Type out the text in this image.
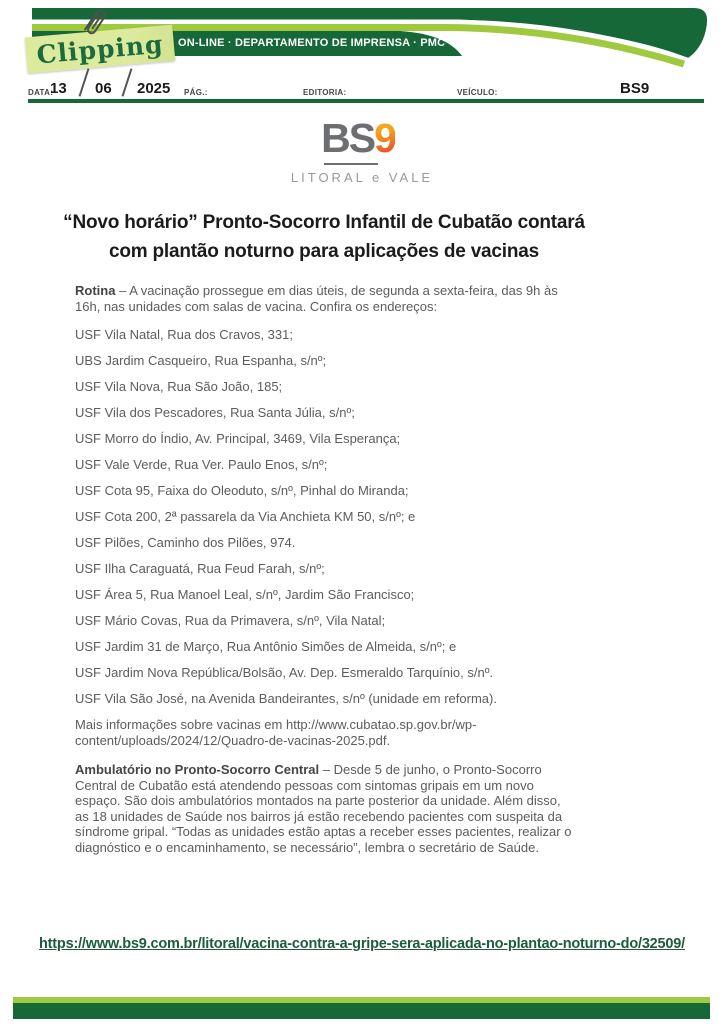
Clipping ON-LINE · DEPARTAMENTO DE IMPRENSA · PMC
DATA:
13 06 2025 PÁG.:	EDITORIA:	VEÍCULO:	BS9
BS9
LITORAL e VALE
“Novo horário” Pronto-Socorro Infantil de Cubatão contará
com plantão noturno para aplicações de vacinas

Rotina – A vacinação prossegue em dias úteis, de segunda a sexta-feira, das 9h às 16h, nas unidades com salas de vacina. Confira os endereços:

USF Vila Natal, Rua dos Cravos, 331;
UBS Jardim Casqueiro, Rua Espanha, s/nº;
USF Vila Nova, Rua São João, 185;
USF Vila dos Pescadores, Rua Santa Júlia, s/nº;
USF Morro do Índio, Av. Principal, 3469, Vila Esperança;
USF Vale Verde, Rua Ver. Paulo Enos, s/nº;
USF Cota 95, Faixa do Oleoduto, s/nº, Pinhal do Miranda;
USF Cota 200, 2ª passarela da Via Anchieta KM 50, s/nº; e
USF Pilões, Caminho dos Pilões, 974.
USF Ilha Caraguatá, Rua Feud Farah, s/nº;
USF Área 5, Rua Manoel Leal, s/nº, Jardim São Francisco;
USF Mário Covas, Rua da Primavera, s/nº, Vila Natal;
USF Jardim 31 de Março, Rua Antônio Simões de Almeida, s/nº; e
USF Jardim Nova República/Bolsão, Av. Dep. Esmeraldo Tarquínio, s/nº.
USF Vila São José, na Avenida Bandeirantes, s/nº (unidade em reforma).

Mais informações sobre vacinas em http://www.cubatao.sp.gov.br/wp-content/uploads/2024/12/Quadro-de-vacinas-2025.pdf.

Ambulatório no Pronto-Socorro Central – Desde 5 de junho, o Pronto-Socorro Central de Cubatão está atendendo pessoas com sintomas gripais em um novo espaço. São dois ambulatórios montados na parte posterior da unidade. Além disso, as 18 unidades de Saúde nos bairros já estão recebendo pacientes com suspeita da síndrome gripal. “Todas as unidades estão aptas a receber esses pacientes, realizar o diagnóstico e o encaminhamento, se necessário”, lembra o secretário de Saúde.

https://www.bs9.com.br/litoral/vacina-contra-a-gripe-sera-aplicada-no-plantao-noturno-do/32509/
